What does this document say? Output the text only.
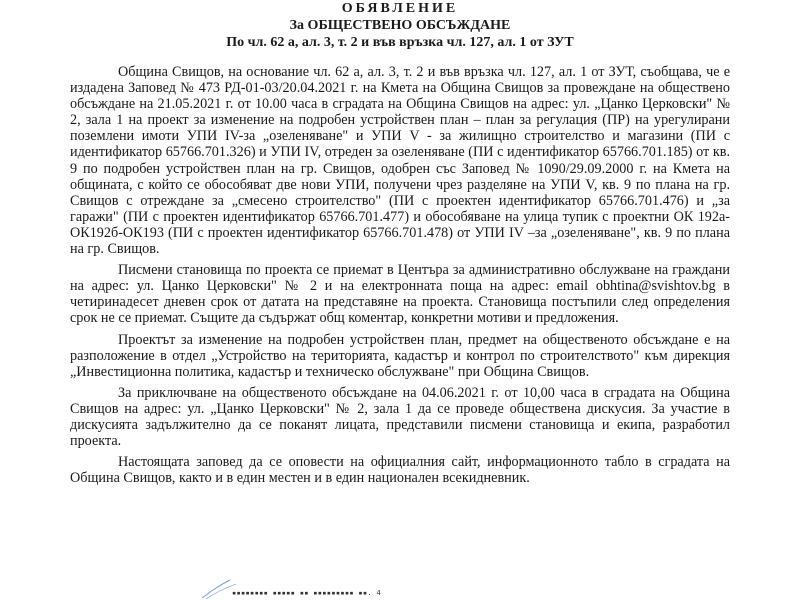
ОБЯВЛЕНИЕ
За ОБЩЕСТВЕНО ОБСЪЖДАНЕ
По чл. 62 а, ал. 3, т. 2 и във връзка чл. 127, ал. 1 от ЗУТ

Община Свищов, на основание чл. 62 а, ал. 3, т. 2 и във връзка чл. 127, ал. 1 от ЗУТ, съобщава, че е издадена Заповед № 473 РД-01-03/20.04.2021 г. на Кмета на Община Свищов за провеждане на обществено обсъждане на 21.05.2021 г. от 10.00 часа в сградата на Община Свищов на адрес: ул. „Цанко Церковски" № 2, зала 1 на проект за изменение на подробен устройствен план – план за регулация (ПР) на урегулирани поземлени имоти УПИ IV-за „озеленяване" и УПИ V - за жилищно строителство и магазини (ПИ с идентификатор 65766.701.326) и УПИ IV, отреден за озеленяване (ПИ с идентификатор 65766.701.185) от кв. 9 по подробен устройствен план на гр. Свищов, одобрен със Заповед № 1090/29.09.2000 г. на Кмета на общината, с който се обособяват две нови УПИ, получени чрез разделяне на УПИ V, кв. 9 по плана на гр. Свищов с отреждане за „смесено строителство" (ПИ с проектен идентификатор 65766.701.476) и „за гаражи" (ПИ с проектен идентификатор 65766.701.477) и обособяване на улица тупик с проектни ОК 192а-ОК192б-ОК193 (ПИ с проектен идентификатор 65766.701.478) от УПИ IV –за „озеленяване", кв. 9 по плана на гр. Свищов.

Писмени становища по проекта се приемат в Центъра за административно обслужване на граждани на адрес: ул. Цанко Церковски" № 2 и на електронната поща на адрес: email obhtina@svishtov.bg в четиринадесет дневен срок от датата на представяне на проекта. Становища постъпили след определения срок не се приемат. Същите да съдържат общ коментар, конкретни мотиви и предложения.

Проектът за изменение на подробен устройствен план, предмет на общественото обсъждане е на разположение в отдел „Устройство на територията, кадастър и контрол по строителството" към дирекция „Инвестиционна политика, кадастър и техническо обслужване" при Община Свищов.

За приключване на общественото обсъждане на 04.06.2021 г. от 10,00 часа в сградата на Община Свищов на адрес: ул. „Цанко Церковски" № 2, зала 1 да се проведе обществена дискусия. За участие в дискусията задължително да се поканят лицата, представили писмени становища и екипа, разработил проекта.

Настоящата заповед да се оповести на официалния сайт, информационното табло в сградата на Община Свищов, както и в един местен и в един национален всекидневник.

▪▪▪▪▪▪▪▪ ▪▪▪▪▪ ▪▪ ▪▪▪▪▪▪▪▪▪ ▪▪. 4
